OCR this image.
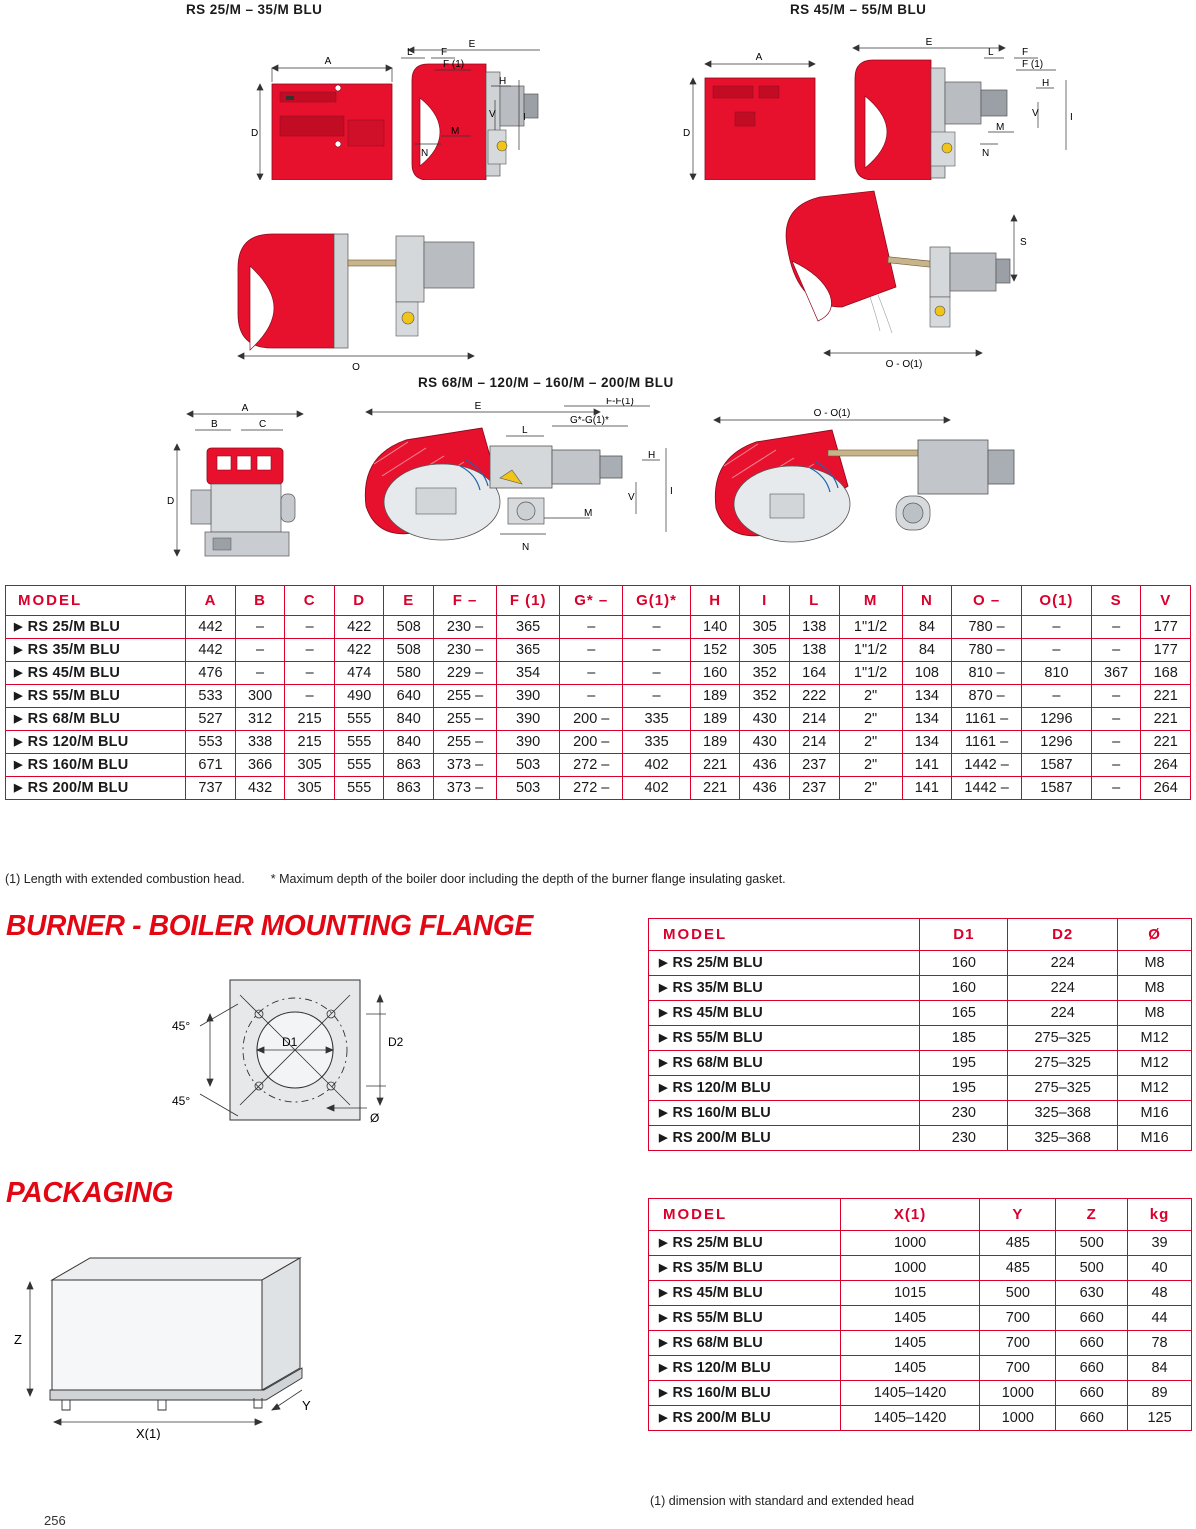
RS 25/M – 35/M BLU	RS 45/M – 55/M BLU
RS 68/M – 120/M – 160/M – 200/M BLU
A
D
E
L	F
F (1)
H
V	I
M
N
A
D
E
L	F
F (1)
H
V	I
M
N
O
S
O - O(1)
A
B	C
D
E	F-F(1)
G*-G(1)*
L
H
V
I
M
N
O - O(1)
MODEL	A	B	C	D	E	F –	F (1)	G* –	G(1)*	H	I	L	M	N	O –	O(1)	S	V
▶ RS 25/M BLU	442	–	–	422	508	230 –	365	–	–	140	305	138	1"1/2	84	780 –	–	–	177
▶ RS 35/M BLU	442	–	–	422	508	230 –	365	–	–	152	305	138	1"1/2	84	780 –	–	–	177
▶ RS 45/M BLU	476	–	–	474	580	229 –	354	–	–	160	352	164	1"1/2	108	810 –	810	367	168
▶ RS 55/M BLU	533	300	–	490	640	255 –	390	–	–	189	352	222	2"	134	870 –	–	–	221
▶ RS 68/M BLU	527	312	215	555	840	255 –	390	200 –	335	189	430	214	2"	134	1161 –	1296	–	221
▶ RS 120/M BLU	553	338	215	555	840	255 –	390	200 –	335	189	430	214	2"	134	1161 –	1296	–	221
▶ RS 160/M BLU	671	366	305	555	863	373 –	503	272 –	402	221	436	237	2"	141	1442 –	1587	–	264
▶ RS 200/M BLU	737	432	305	555	863	373 –	503	272 –	402	221	436	237	2"	141	1442 –	1587	–	264
(1) Length with extended combustion head. * Maximum depth of the boiler door including the depth of the burner flange insulating gasket.
BURNER - BOILER MOUNTING FLANGE
D1	D2
Ø
45°
45°
MODEL	D1	D2	Ø
▶ RS 25/M BLU	160	224	M8
▶ RS 35/M BLU	160	224	M8
▶ RS 45/M BLU	165	224	M8
▶ RS 55/M BLU	185	275–325	M12
▶ RS 68/M BLU	195	275–325	M12
▶ RS 120/M BLU	195	275–325	M12
▶ RS 160/M BLU	230	325–368	M16
▶ RS 200/M BLU	230	325–368	M16
PACKAGING
Z
X(1)
Y
MODEL	X(1)	Y	Z	kg
▶ RS 25/M BLU	1000	485	500	39
▶ RS 35/M BLU	1000	485	500	40
▶ RS 45/M BLU	1015	500	630	48
▶ RS 55/M BLU	1405	700	660	44
▶ RS 68/M BLU	1405	700	660	78
▶ RS 120/M BLU	1405	700	660	84
▶ RS 160/M BLU	1405–1420	1000	660	89
▶ RS 200/M BLU	1405–1420	1000	660	125
(1) dimension with standard and extended head
256
